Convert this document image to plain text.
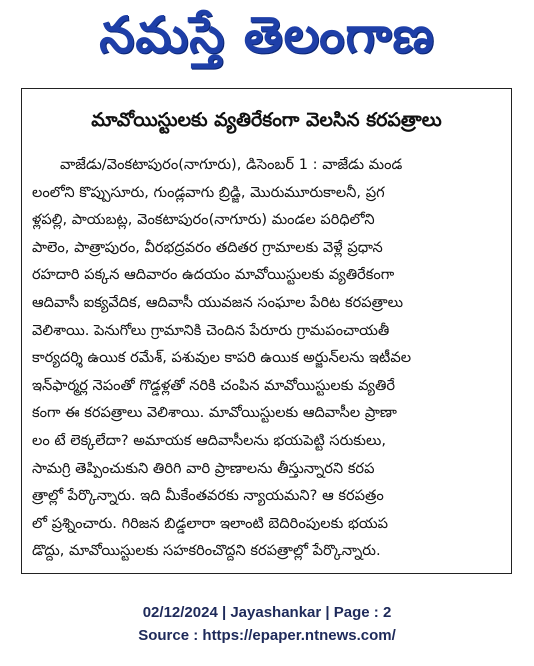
నమస్తే తెలంగాణ
మావోయిస్టులకు వ్యతిరేకంగా వెలసిన కరపత్రాలు
వాజేడు/వెంకటాపురం(నాగూరు), డిసెంబర్ 1 : వాజేడు మండ
లంలోని కొప్పుసూరు, గుండ్లవాగు బ్రిడ్జి, మొరుమూరుకాలనీ, ప్రగ
ళ్లపల్లి, పాయబట్ల, వెంకటాపురం(నాగూరు) మండల పరిధిలోని
పాలెం, పాత్రాపురం, వీరభద్రవరం తదితర గ్రామాలకు వెళ్లే ప్రధాన
రహదారి పక్కన ఆదివారం ఉదయం మావోయిస్టులకు వ్యతిరేకంగా
ఆదివాసీ ఐక్యవేదిక, ఆదివాసీ యువజన సంఘాల పేరిట కరపత్రాలు
వెలిశాయి. పెనుగోలు గ్రామానికి చెందిన పేరూరు గ్రామపంచాయతీ
కార్యదర్శి ఉయిక రమేశ్, పశువుల కాపరి ఉయిక అర్జున్‌లను ఇటీవల
ఇన్‌ఫార్మర్ల నెపంతో గొడ్డళ్లతో నరికి చంపిన మావోయిస్టులకు వ్యతిరే
కంగా ఈ కరపత్రాలు వెలిశాయి. మావోయిస్టులకు ఆదివాసీల ప్రాణా
లం టే లెక్కలేదా? అమాయక ఆదివాసీలను భయపెట్టి సరుకులు,
సామగ్రి తెప్పించుకుని తిరిగి వారి ప్రాణాలను తీస్తున్నారని కరప
త్రాల్లో పేర్కొన్నారు. ఇది మీకేంతవరకు న్యాయమని? ఆ కరపత్రం
లో ప్రశ్నించారు. గిరిజన బిడ్డలారా ఇలాంటి బెదిరింపులకు భయప
డొద్దు, మావోయిస్టులకు సహకరించొద్దని కరపత్రాల్లో పేర్కొన్నారు.
02/12/2024 | Jayashankar | Page : 2
Source : https://epaper.ntnews.com/
